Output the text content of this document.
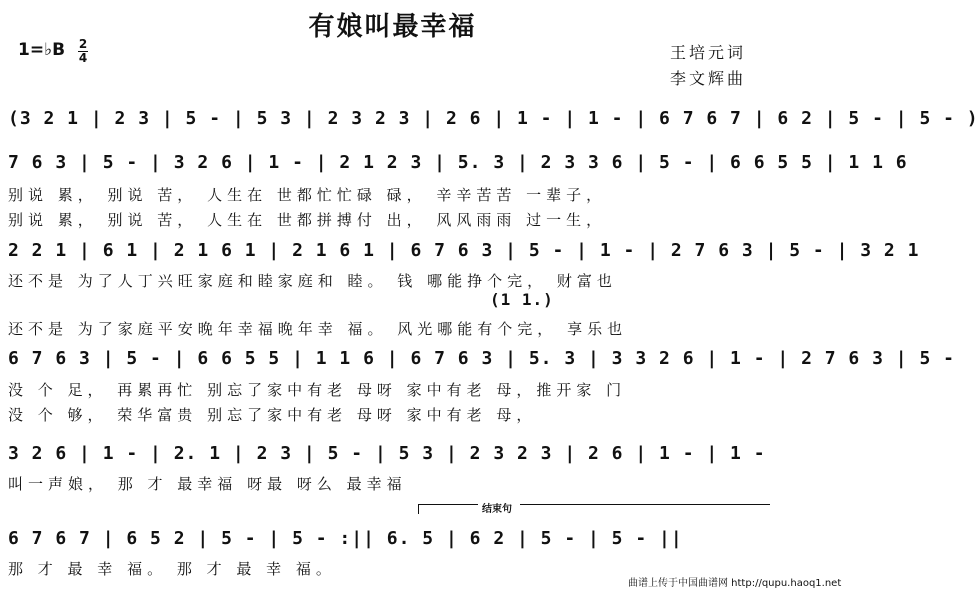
有娘叫最幸福
1=♭B 2
4	王培元词
李文辉曲
(3 2 1 | 2 3 | 5 - | 5 3 | 2 3 2 3 | 2 6 | 1 - | 1 - | 6 7 6 7 | 6 2 | 5 - | 5 - )
7 6 3 | 5 - | 3 2 6 | 1 - | 2 1 2 3 | 5. 3 | 2 3 3 6 | 5 - | 6 6 5 5 | 1 1 6
别说 累， 别说 苦， 人生在 世都忙忙碌 碌， 辛辛苦苦 一辈子，
别说 累， 别说 苦， 人生在 世都拼搏付 出， 风风雨雨 过一生，
2 2 1 | 6 1 | 2 1 6 1 | 2 1 6 1 | 6 7 6 3 | 5 - | 1 - | 2 7 6 3 | 5 - | 3 2 1
还不是 为了人丁兴旺家庭和睦家庭和 睦。 钱 哪能挣个完， 财富也
(1 1.)
还不是 为了家庭平安晚年幸福晚年幸 福。 风光哪能有个完， 享乐也
6 7 6 3 | 5 - | 6 6 5 5 | 1 1 6 | 6 7 6 3 | 5. 3 | 3 3 2 6 | 1 - | 2 7 6 3 | 5 -
没 个 足， 再累再忙 别忘了家中有老 母呀 家中有老 母，推开家 门
没 个 够， 荣华富贵 别忘了家中有老 母呀 家中有老 母，
3 2 6 | 1 - | 2. 1 | 2 3 | 5 - | 5 3 | 2 3 2 3 | 2 6 | 1 - | 1 -
叫一声娘， 那 才 最幸福 呀最 呀么 最幸福
结束句
6 7 6 7 | 6 5 2 | 5 - | 5 - :|| 6. 5 | 6 2 | 5 - | 5 - ||
那 才 最 幸 福。 那 才 最 幸 福。
曲谱上传于中国曲谱网 http://qupu.haoq1.net
